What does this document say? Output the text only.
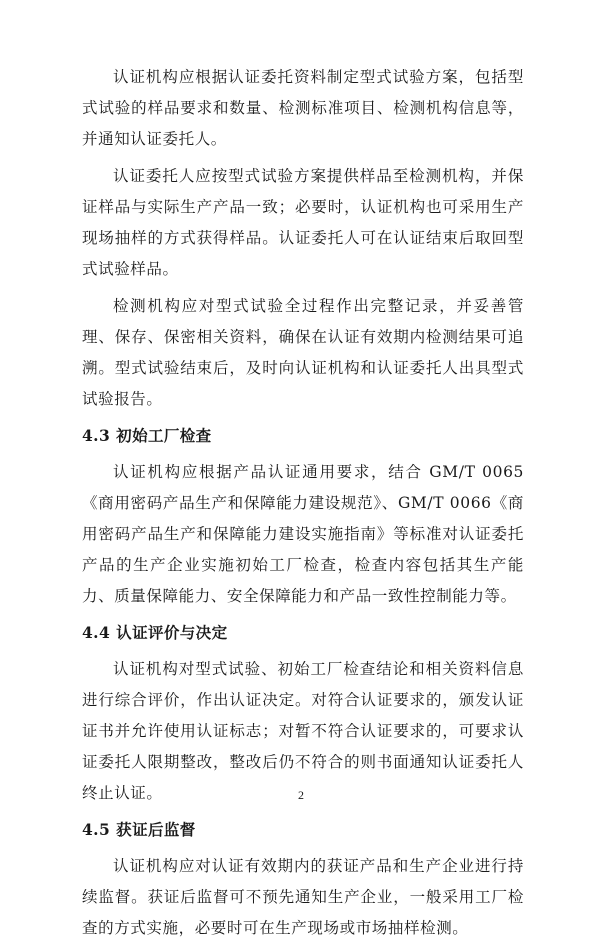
认证机构应根据认证委托资料制定型式试验方案，包括型式试验的样品要求和数量、检测标准项目、检测机构信息等，并通知认证委托人。

认证委托人应按型式试验方案提供样品至检测机构，并保证样品与实际生产产品一致；必要时，认证机构也可采用生产现场抽样的方式获得样品。认证委托人可在认证结束后取回型式试验样品。

检测机构应对型式试验全过程作出完整记录，并妥善管理、保存、保密相关资料，确保在认证有效期内检测结果可追溯。型式试验结束后，及时向认证机构和认证委托人出具型式试验报告。

4.3 初始工厂检查

认证机构应根据产品认证通用要求，结合 GM/T 0065《商用密码产品生产和保障能力建设规范》、GM/T 0066《商用密码产品生产和保障能力建设实施指南》等标准对认证委托产品的生产企业实施初始工厂检查，检查内容包括其生产能力、质量保障能力、安全保障能力和产品一致性控制能力等。

4.4 认证评价与决定

认证机构对型式试验、初始工厂检查结论和相关资料信息进行综合评价，作出认证决定。对符合认证要求的，颁发认证证书并允许使用认证标志；对暂不符合认证要求的，可要求认证委托人限期整改，整改后仍不符合的则书面通知认证委托人终止认证。

4.5 获证后监督

认证机构应对认证有效期内的获证产品和生产企业进行持续监督。获证后监督可不预先通知生产企业，一般采用工厂检查的方式实施，必要时可在生产现场或市场抽样检测。

2
